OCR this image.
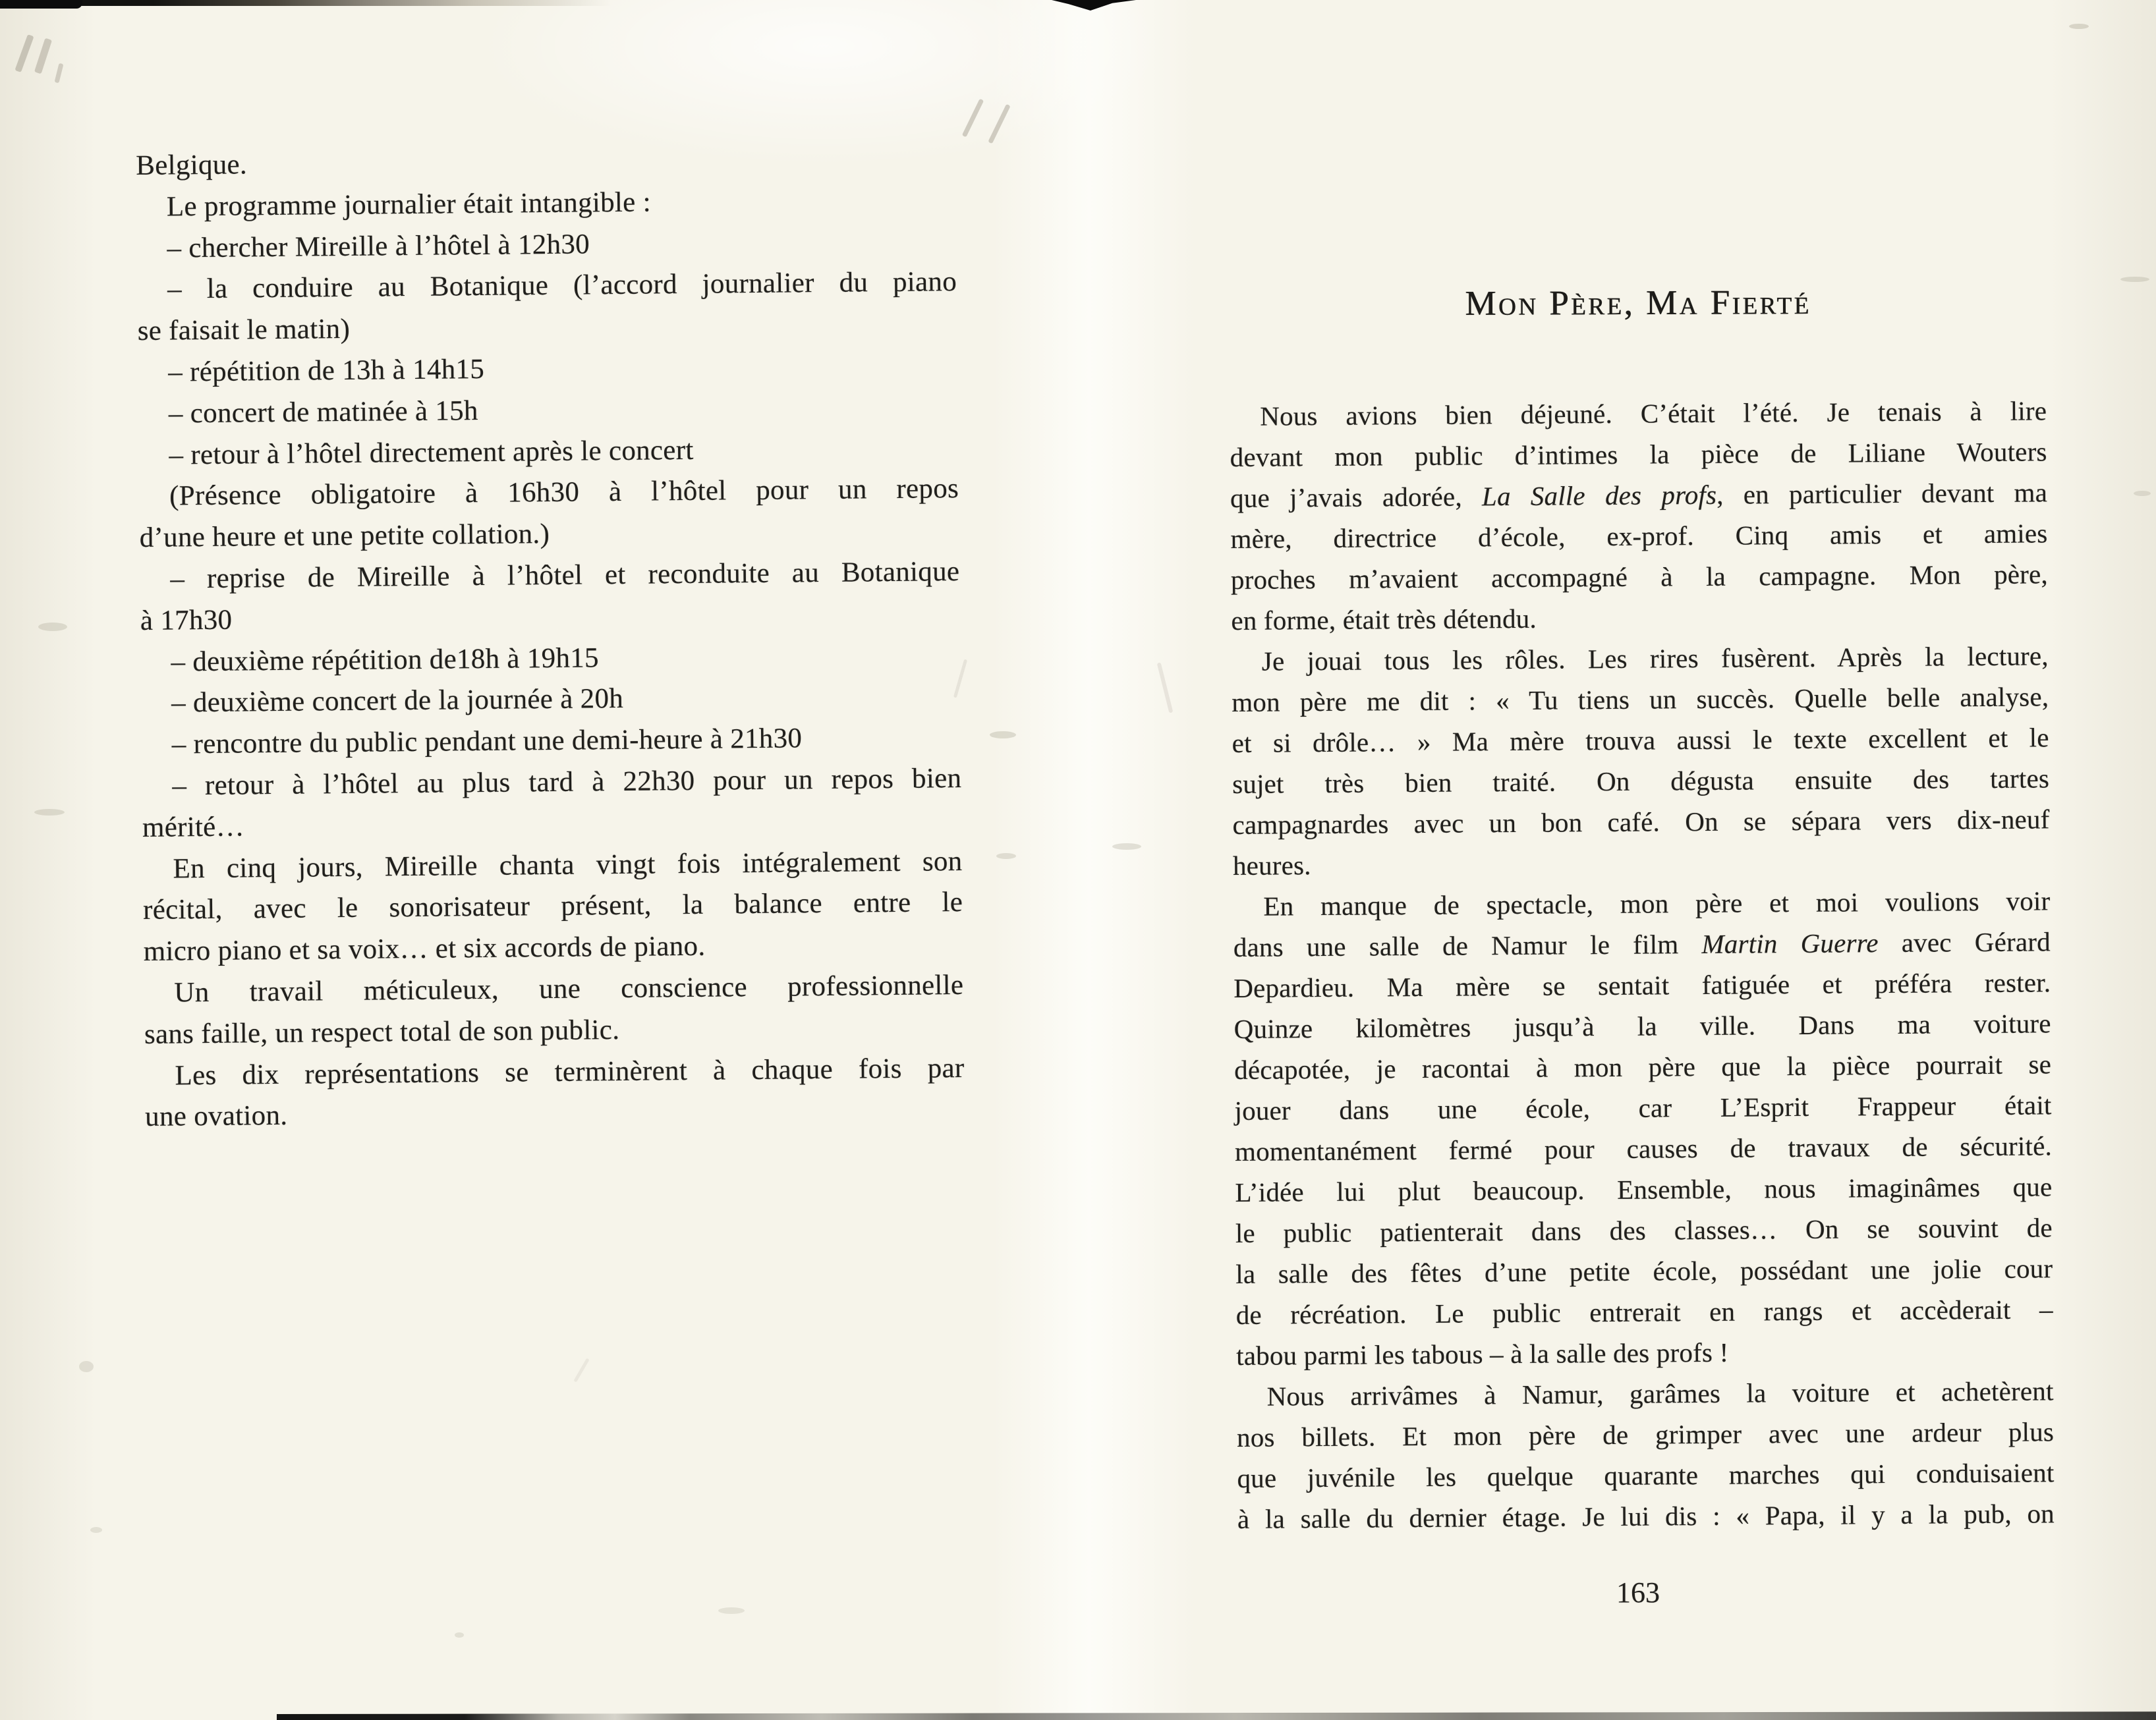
Belgique.
Le programme journalier était intangible :
– chercher Mireille à l’hôtel à 12h30
– la conduire au Botanique (l’accord journalier du piano
se faisait le matin)
– répétition de 13h à 14h15
– concert de matinée à 15h
– retour à l’hôtel directement après le concert
(Présence obligatoire à 16h30 à l’hôtel pour un repos
d’une heure et une petite collation.)
– reprise de Mireille à l’hôtel et reconduite au Botanique
à 17h30
– deuxième répétition de18h à 19h15
– deuxième concert de la journée à 20h
– rencontre du public pendant une demi-heure à 21h30
– retour à l’hôtel au plus tard à 22h30 pour un repos bien
mérité…
En cinq jours, Mireille chanta vingt fois intégralement son
récital, avec le sonorisateur présent, la balance entre le
micro piano et sa voix… et six accords de piano.
Un travail méticuleux, une conscience professionnelle
sans faille, un respect total de son public.
Les dix représentations se terminèrent à chaque fois par
une ovation.
Mon Père, Ma Fierté
Nous avions bien déjeuné. C’était l’été. Je tenais à lire
devant mon public d’intimes la pièce de Liliane Wouters
que j’avais adorée, La Salle des profs, en particulier devant ma
mère, directrice d’école, ex-prof. Cinq amis et amies
proches m’avaient accompagné à la campagne. Mon père,
en forme, était très détendu.
Je jouai tous les rôles. Les rires fusèrent. Après la lecture,
mon père me dit : « Tu tiens un succès. Quelle belle analyse,
et si drôle… » Ma mère trouva aussi le texte excellent et le
sujet très bien traité. On dégusta ensuite des tartes
campagnardes avec un bon café. On se sépara vers dix-neuf
heures.
En manque de spectacle, mon père et moi voulions voir
dans une salle de Namur le film Martin Guerre avec Gérard
Depardieu. Ma mère se sentait fatiguée et préféra rester.
Quinze kilomètres jusqu’à la ville. Dans ma voiture
décapotée, je racontai à mon père que la pièce pourrait se
jouer dans une école, car L’Esprit Frappeur était
momentanément fermé pour causes de travaux de sécurité.
L’idée lui plut beaucoup. Ensemble, nous imaginâmes que
le public patienterait dans des classes… On se souvint de
la salle des fêtes d’une petite école, possédant une jolie cour
de récréation. Le public entrerait en rangs et accèderait –
tabou parmi les tabous – à la salle des profs !
Nous arrivâmes à Namur, garâmes la voiture et achetèrent
nos billets. Et mon père de grimper avec une ardeur plus
que juvénile les quelque quarante marches qui conduisaient
à la salle du dernier étage. Je lui dis : « Papa, il y a la pub, on
163
